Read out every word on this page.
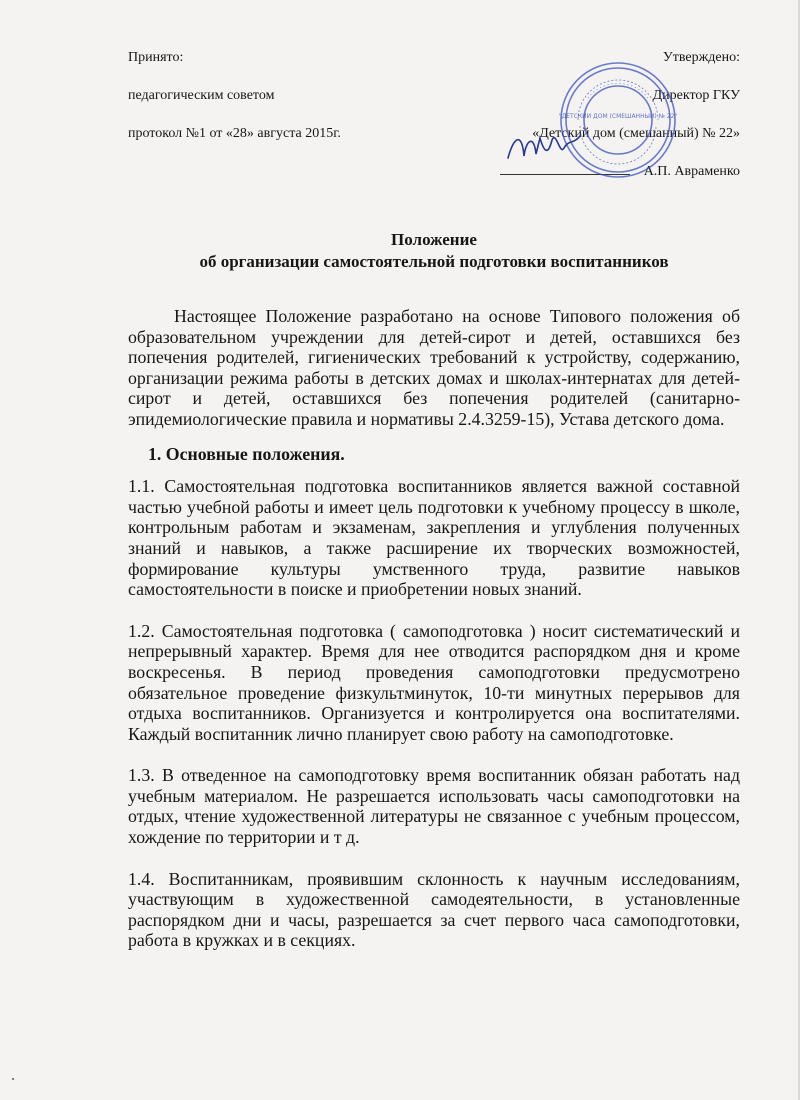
Принято:	Утверждено:
педагогическим советом	Директор ГКУ
протокол №1 от «28» августа 2015г.	«Детский дом (смешанный) № 22»
А.П. Авраменко
"ДЕТСКИЙ ДОМ (СМЕШАННЫЙ) № 22"
Положение
об организации самостоятельной подготовки воспитанников

Настоящее Положение разработано на основе Типового положения об образовательном учреждении для детей-сирот и детей, оставшихся без попечения родителей, гигиенических требований к устройству, содержанию, организации режима работы в детских домах и школах-интернатах для детей-сирот и детей, оставшихся без попечения родителей (санитарно-эпидемиологические правила и нормативы 2.4.3259-15), Устава детского дома.

1. Основные положения.

1.1. Самостоятельная подготовка воспитанников является важной составной частью учебной работы и имеет цель подготовки к учебному процессу в школе, контрольным работам и экзаменам, закрепления и углубления полученных знаний и навыков, а также расширение их творческих возможностей, формирование культуры умственного труда, развитие навыков самостоятельности в поиске и приобретении новых знаний.

1.2. Самостоятельная подготовка ( самоподготовка ) носит систематический и непрерывный характер. Время для нее отводится распорядком дня и кроме воскресенья. В период проведения самоподготовки предусмотрено обязательное проведение физкультминуток, 10-ти минутных перерывов для отдыха воспитанников. Организуется и контролируется она воспитателями. Каждый воспитанник лично планирует свою работу на самоподготовке.

1.3. В отведенное на самоподготовку время воспитанник обязан работать над учебным материалом. Не разрешается использовать часы самоподготовки на отдых, чтение художественной литературы не связанное с учебным процессом, хождение по территории и т д.

1.4. Воспитанникам, проявившим склонность к научным исследованиям, участвующим в художественной самодеятельности, в установленные распорядком дни и часы, разрешается за счет первого часа самоподготовки, работа в кружках и в секциях.
